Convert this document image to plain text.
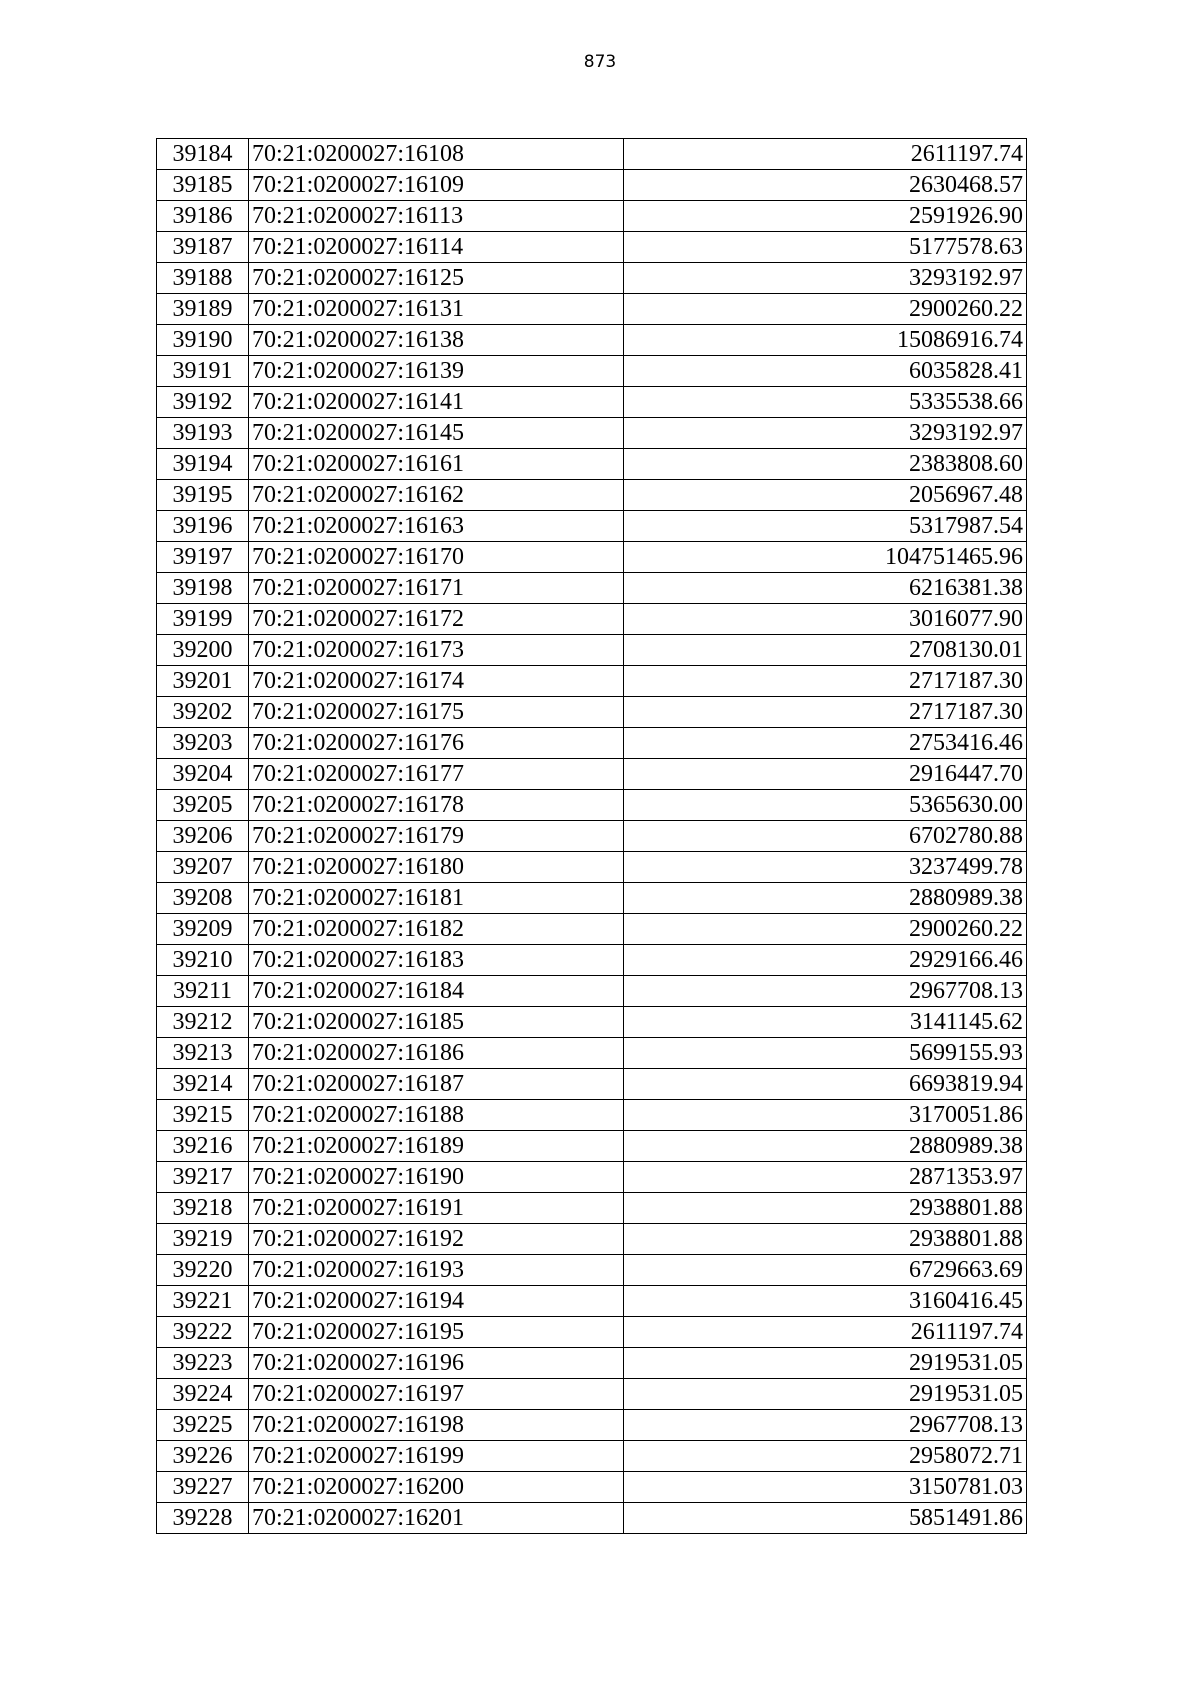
873
39184	70:21:0200027:16108	2611197.74
39185	70:21:0200027:16109	2630468.57
39186	70:21:0200027:16113	2591926.90
39187	70:21:0200027:16114	5177578.63
39188	70:21:0200027:16125	3293192.97
39189	70:21:0200027:16131	2900260.22
39190	70:21:0200027:16138	15086916.74
39191	70:21:0200027:16139	6035828.41
39192	70:21:0200027:16141	5335538.66
39193	70:21:0200027:16145	3293192.97
39194	70:21:0200027:16161	2383808.60
39195	70:21:0200027:16162	2056967.48
39196	70:21:0200027:16163	5317987.54
39197	70:21:0200027:16170	104751465.96
39198	70:21:0200027:16171	6216381.38
39199	70:21:0200027:16172	3016077.90
39200	70:21:0200027:16173	2708130.01
39201	70:21:0200027:16174	2717187.30
39202	70:21:0200027:16175	2717187.30
39203	70:21:0200027:16176	2753416.46
39204	70:21:0200027:16177	2916447.70
39205	70:21:0200027:16178	5365630.00
39206	70:21:0200027:16179	6702780.88
39207	70:21:0200027:16180	3237499.78
39208	70:21:0200027:16181	2880989.38
39209	70:21:0200027:16182	2900260.22
39210	70:21:0200027:16183	2929166.46
39211	70:21:0200027:16184	2967708.13
39212	70:21:0200027:16185	3141145.62
39213	70:21:0200027:16186	5699155.93
39214	70:21:0200027:16187	6693819.94
39215	70:21:0200027:16188	3170051.86
39216	70:21:0200027:16189	2880989.38
39217	70:21:0200027:16190	2871353.97
39218	70:21:0200027:16191	2938801.88
39219	70:21:0200027:16192	2938801.88
39220	70:21:0200027:16193	6729663.69
39221	70:21:0200027:16194	3160416.45
39222	70:21:0200027:16195	2611197.74
39223	70:21:0200027:16196	2919531.05
39224	70:21:0200027:16197	2919531.05
39225	70:21:0200027:16198	2967708.13
39226	70:21:0200027:16199	2958072.71
39227	70:21:0200027:16200	3150781.03
39228	70:21:0200027:16201	5851491.86
